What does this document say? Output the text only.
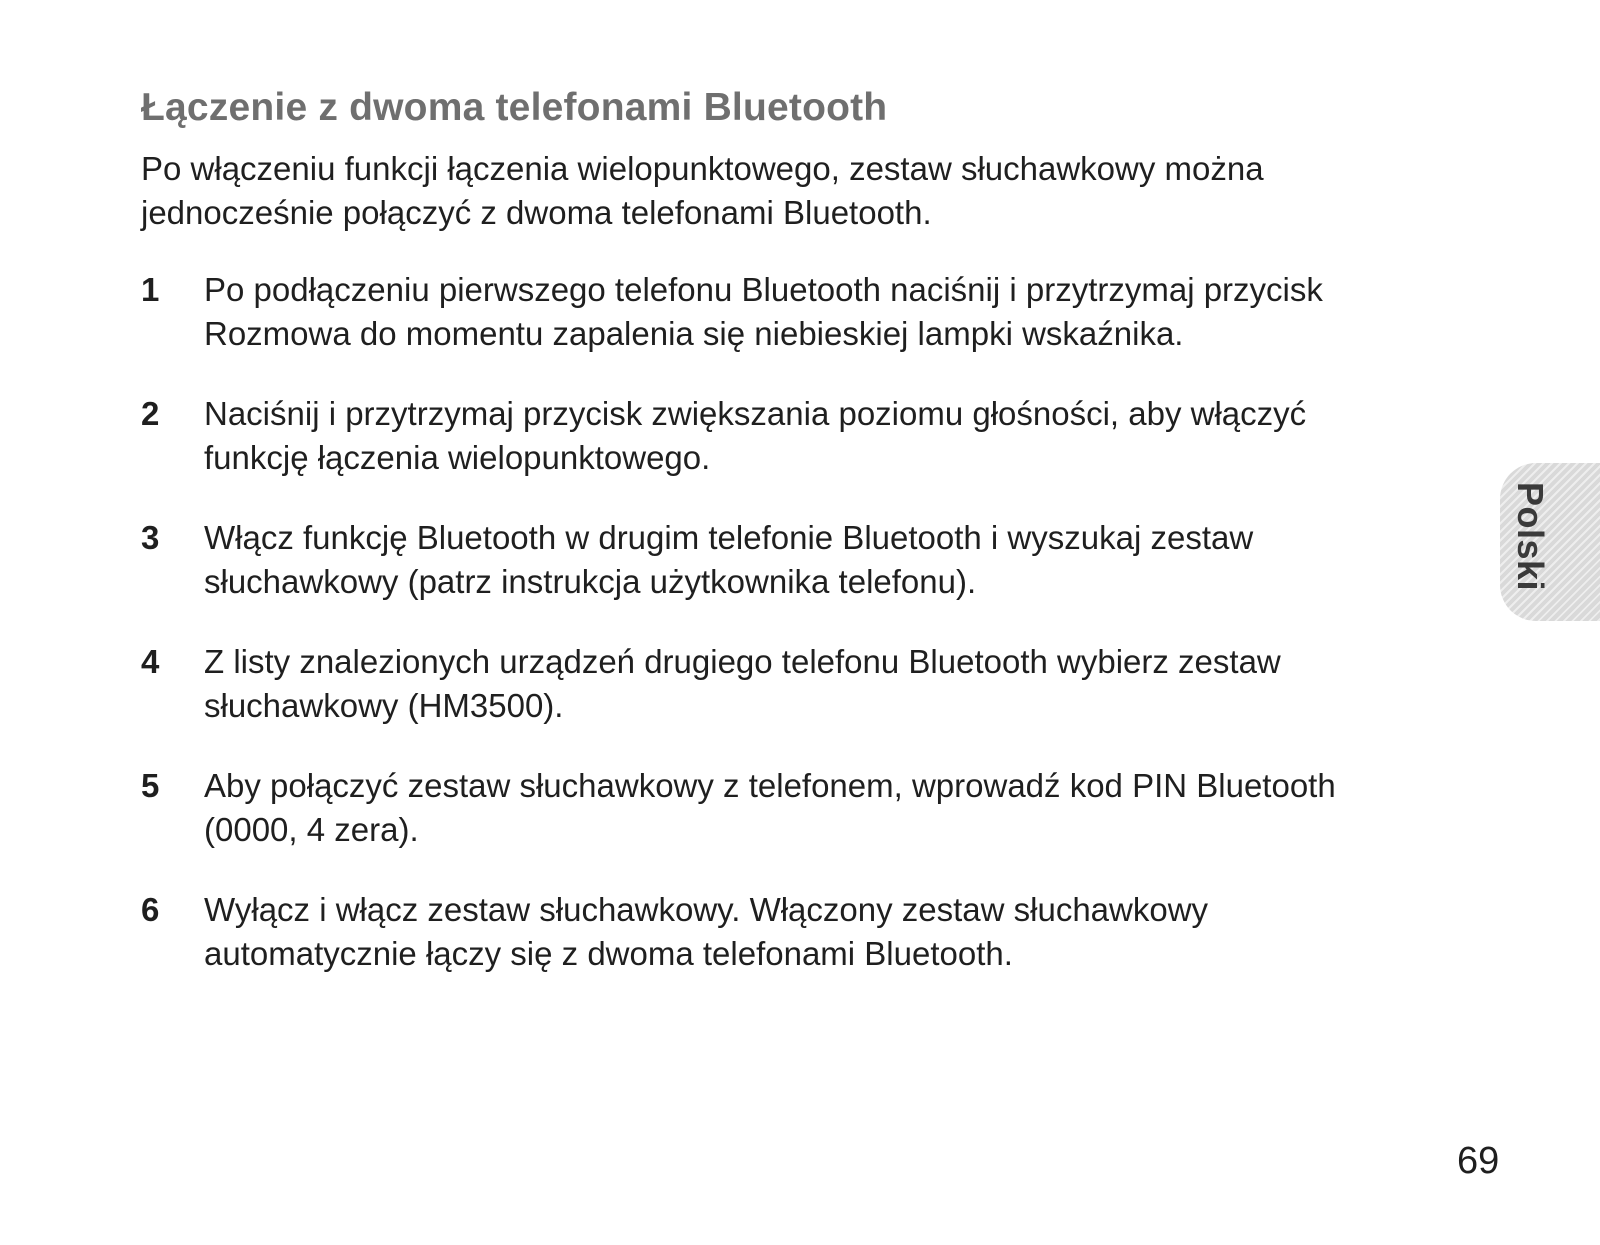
Łączenie z dwoma telefonami Bluetooth

Po włączeniu funkcji łączenia wielopunktowego, zestaw słuchawkowy można
jednocześnie połączyć z dwoma telefonami Bluetooth.

1	Po podłączeniu pierwszego telefonu Bluetooth naciśnij i przytrzymaj przycisk
Rozmowa do momentu zapalenia się niebieskiej lampki wskaźnika.
2	Naciśnij i przytrzymaj przycisk zwiększania poziomu głośności, aby włączyć
funkcję łączenia wielopunktowego.
3	Włącz funkcję Bluetooth w drugim telefonie Bluetooth i wyszukaj zestaw
słuchawkowy (patrz instrukcja użytkownika telefonu).
4	Z listy znalezionych urządzeń drugiego telefonu Bluetooth wybierz zestaw
słuchawkowy (HM3500).
5	Aby połączyć zestaw słuchawkowy z telefonem, wprowadź kod PIN Bluetooth
(0000, 4 zera).
6	Wyłącz i włącz zestaw słuchawkowy. Włączony zestaw słuchawkowy
automatycznie łączy się z dwoma telefonami Bluetooth.
Polski
69
